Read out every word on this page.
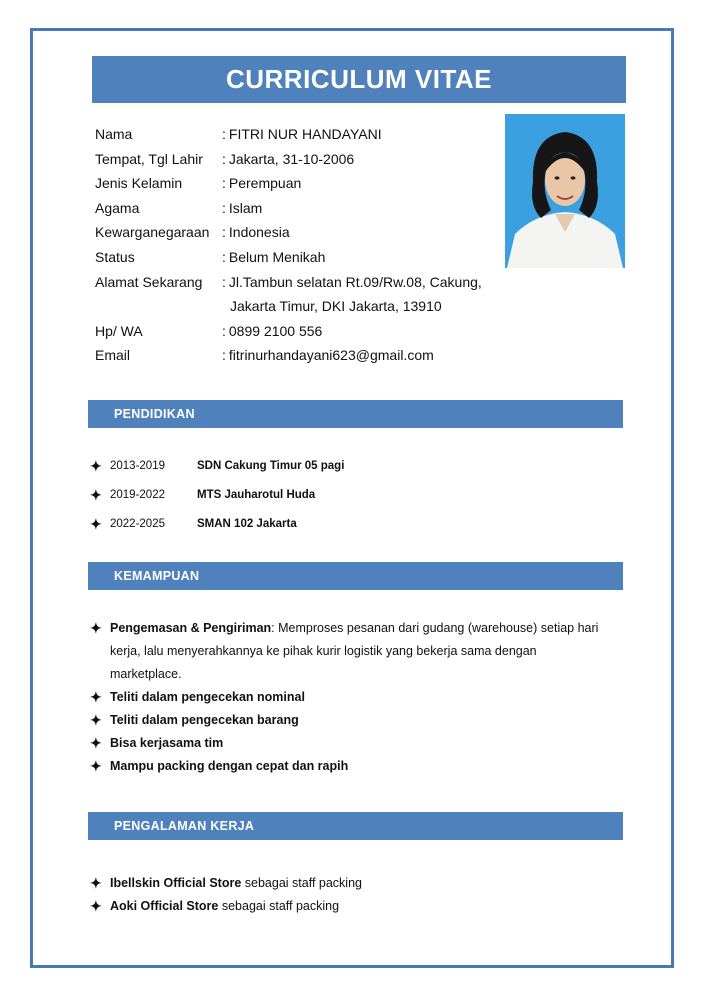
CURRICULUM VITAE
Nama	: FITRI NUR HANDAYANI
Tempat, Tgl Lahir : Jakarta, 31-10-2006
Jenis Kelamin	: Perempuan
Agama	: Islam
Kewarganegaraan : Indonesia
Status	: Belum Menikah
Alamat Sekarang : Jl.Tambun selatan Rt.09/Rw.08, Cakung,
Jakarta Timur, DKI Jakarta, 13910
Hp/ WA	: 0899 2100 556
Email	: fitrinurhandayani623@gmail.com
PENDIDIKAN
✦ 2013-2019	SDN Cakung Timur 05 pagi
✦ 2019-2022	MTS Jauharotul Huda
✦ 2022-2025	SMAN 102 Jakarta
KEMAMPUAN
✦ Pengemasan & Pengiriman: Memproses pesanan dari gudang (warehouse) setiap hari
kerja, lalu menyerahkannya ke pihak kurir logistik yang bekerja sama dengan
marketplace.
✦ Teliti dalam pengecekan nominal
✦ Teliti dalam pengecekan barang
✦ Bisa kerjasama tim
✦ Mampu packing dengan cepat dan rapih
PENGALAMAN KERJA
✦ Ibellskin Official Store sebagai staff packing
✦ Aoki Official Store sebagai staff packing
